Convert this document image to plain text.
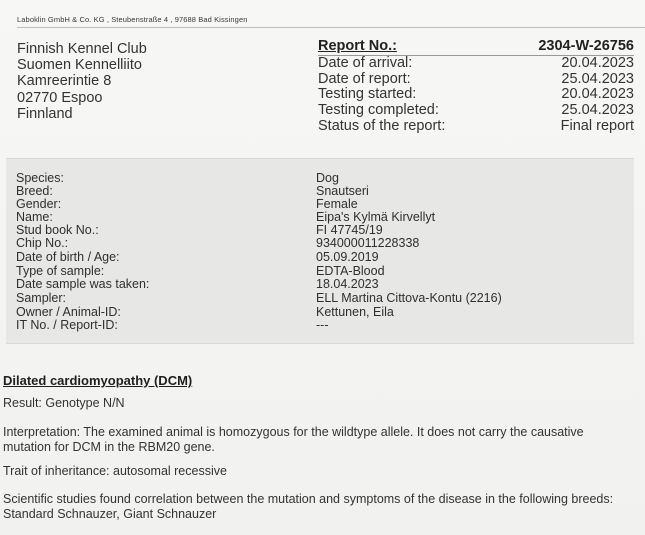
Laboklin GmbH & Co. KG , Steubenstraße 4 , 97688 Bad Kissingen
Finnish Kennel Club
Suomen Kennelliito
Kamreerintie 8
02770 Espoo
Finnland
Report No.:	2304-W-26756
Date of arrival:	20.04.2023
Date of report:	25.04.2023
Testing started:	20.04.2023
Testing completed:	25.04.2023
Status of the report:	Final report
Species:	Dog
Breed:	Snautseri
Gender:	Female
Name:	Eipa's Kylmä Kirvellyt
Stud book No.:	FI 47745/19
Chip No.:	934000011228338
Date of birth / Age:	05.09.2019
Type of sample:	EDTA-Blood
Date sample was taken:	18.04.2023
Sampler:	ELL Martina Cittova-Kontu (2216)
Owner / Animal-ID:	Kettunen, Eila
IT No. / Report-ID:	---
Dilated cardiomyopathy (DCM)
Result: Genotype N/N
Interpretation: The examined animal is homozygous for the wildtype allele. It does not carry the causative
mutation for DCM in the RBM20 gene.
Trait of inheritance: autosomal recessive
Scientific studies found correlation between the mutation and symptoms of the disease in the following breeds:
Standard Schnauzer, Giant Schnauzer
